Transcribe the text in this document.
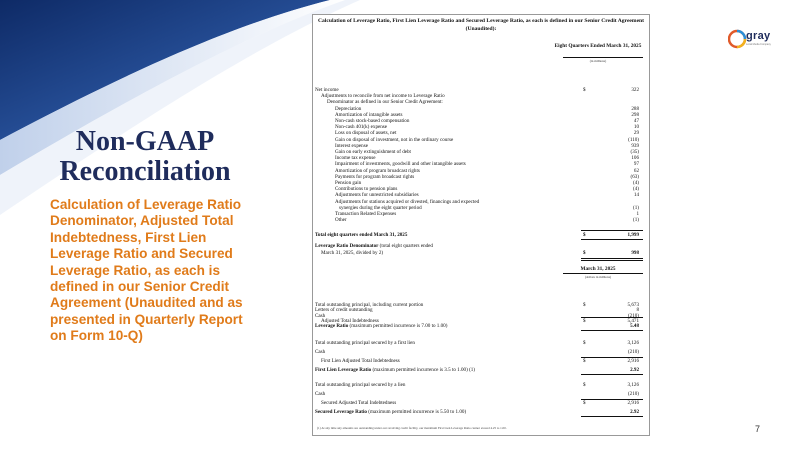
Non-GAAP Reconciliation
Calculation of Leverage Ratio Denominator, Adjusted Total Indebtedness, First Lien Leverage Ratio and Secured Leverage Ratio, as each is defined in our Senior Credit Agreement (Unaudited and as presented in Quarterly Report on Form 10-Q)
gray
Local Media Company
7
Calculation of Leverage Ratio, First Lien Leverage Ratio and Secured Leverage Ratio, as each is defined in our Senior Credit Agreement (Unaudited):
Eight Quarters Ended March 31, 2025
(in millions)
Net income	$	322
Adjustments to reconcile from net income to Leverage Ratio
Denominator as defined in our Senior Credit Agreement:
Depreciation	288
Amortization of intangible assets	298
Non-cash stock-based compensation	47
Non-cash 401(k) expense	10
Loss on disposal of assets, net	29
Gain on disposal of investment, not in the ordinary course	(110)
Interest expense	939
Gain on early extinguishment of debt	(35)
Income tax expense	106
Impairment of investments, goodwill and other intangible assets	97
Amortization of program broadcast rights	62
Payments for program broadcast rights	(63)
Pension gain	(4)
Contributions to pension plans	(4)
Adjustments for unrestricted subsidiaries	14
Adjustments for stations acquired or divested, financings and expected
synergies during the eight quarter period	(1)
Transaction Related Expenses	1
Other	(1)
Total eight quarters ended March 31, 2025	$	1,999
Leverage Ratio Denominator (total eight quarters ended
March 31, 2025, divided by 2)	$	998
March 31, 2025
(dollars in millions)
Total outstanding principal, including current portion	$	5,673
Letters of credit outstanding	8
Cash	(210)
Adjusted Total Indebtedness	$	5,471
Leverage Ratio (maximum permitted incurrence is 7.00 to 1.00)	5.48
Total outstanding principal secured by a first lien	$	3,126
Cash	(210)
First Lien Adjusted Total Indebtedness	$	2,916
First Lien Leverage Ratio (maximum permitted incurrence is 3.5 to 1.00) (1)	2.92
Total outstanding principal secured by a lien	$	3,126
Cash	(210)
Secured Adjusted Total Indebtedness	$	2,916
Secured Leverage Ratio (maximum permitted incurrence is 5.50 to 1.00)	2.92
(1) At any time any amounts are outstanding under our revolving credit facility, our maximum First Lien Leverage Ratio cannot exceed 4.25 to 1.00.
